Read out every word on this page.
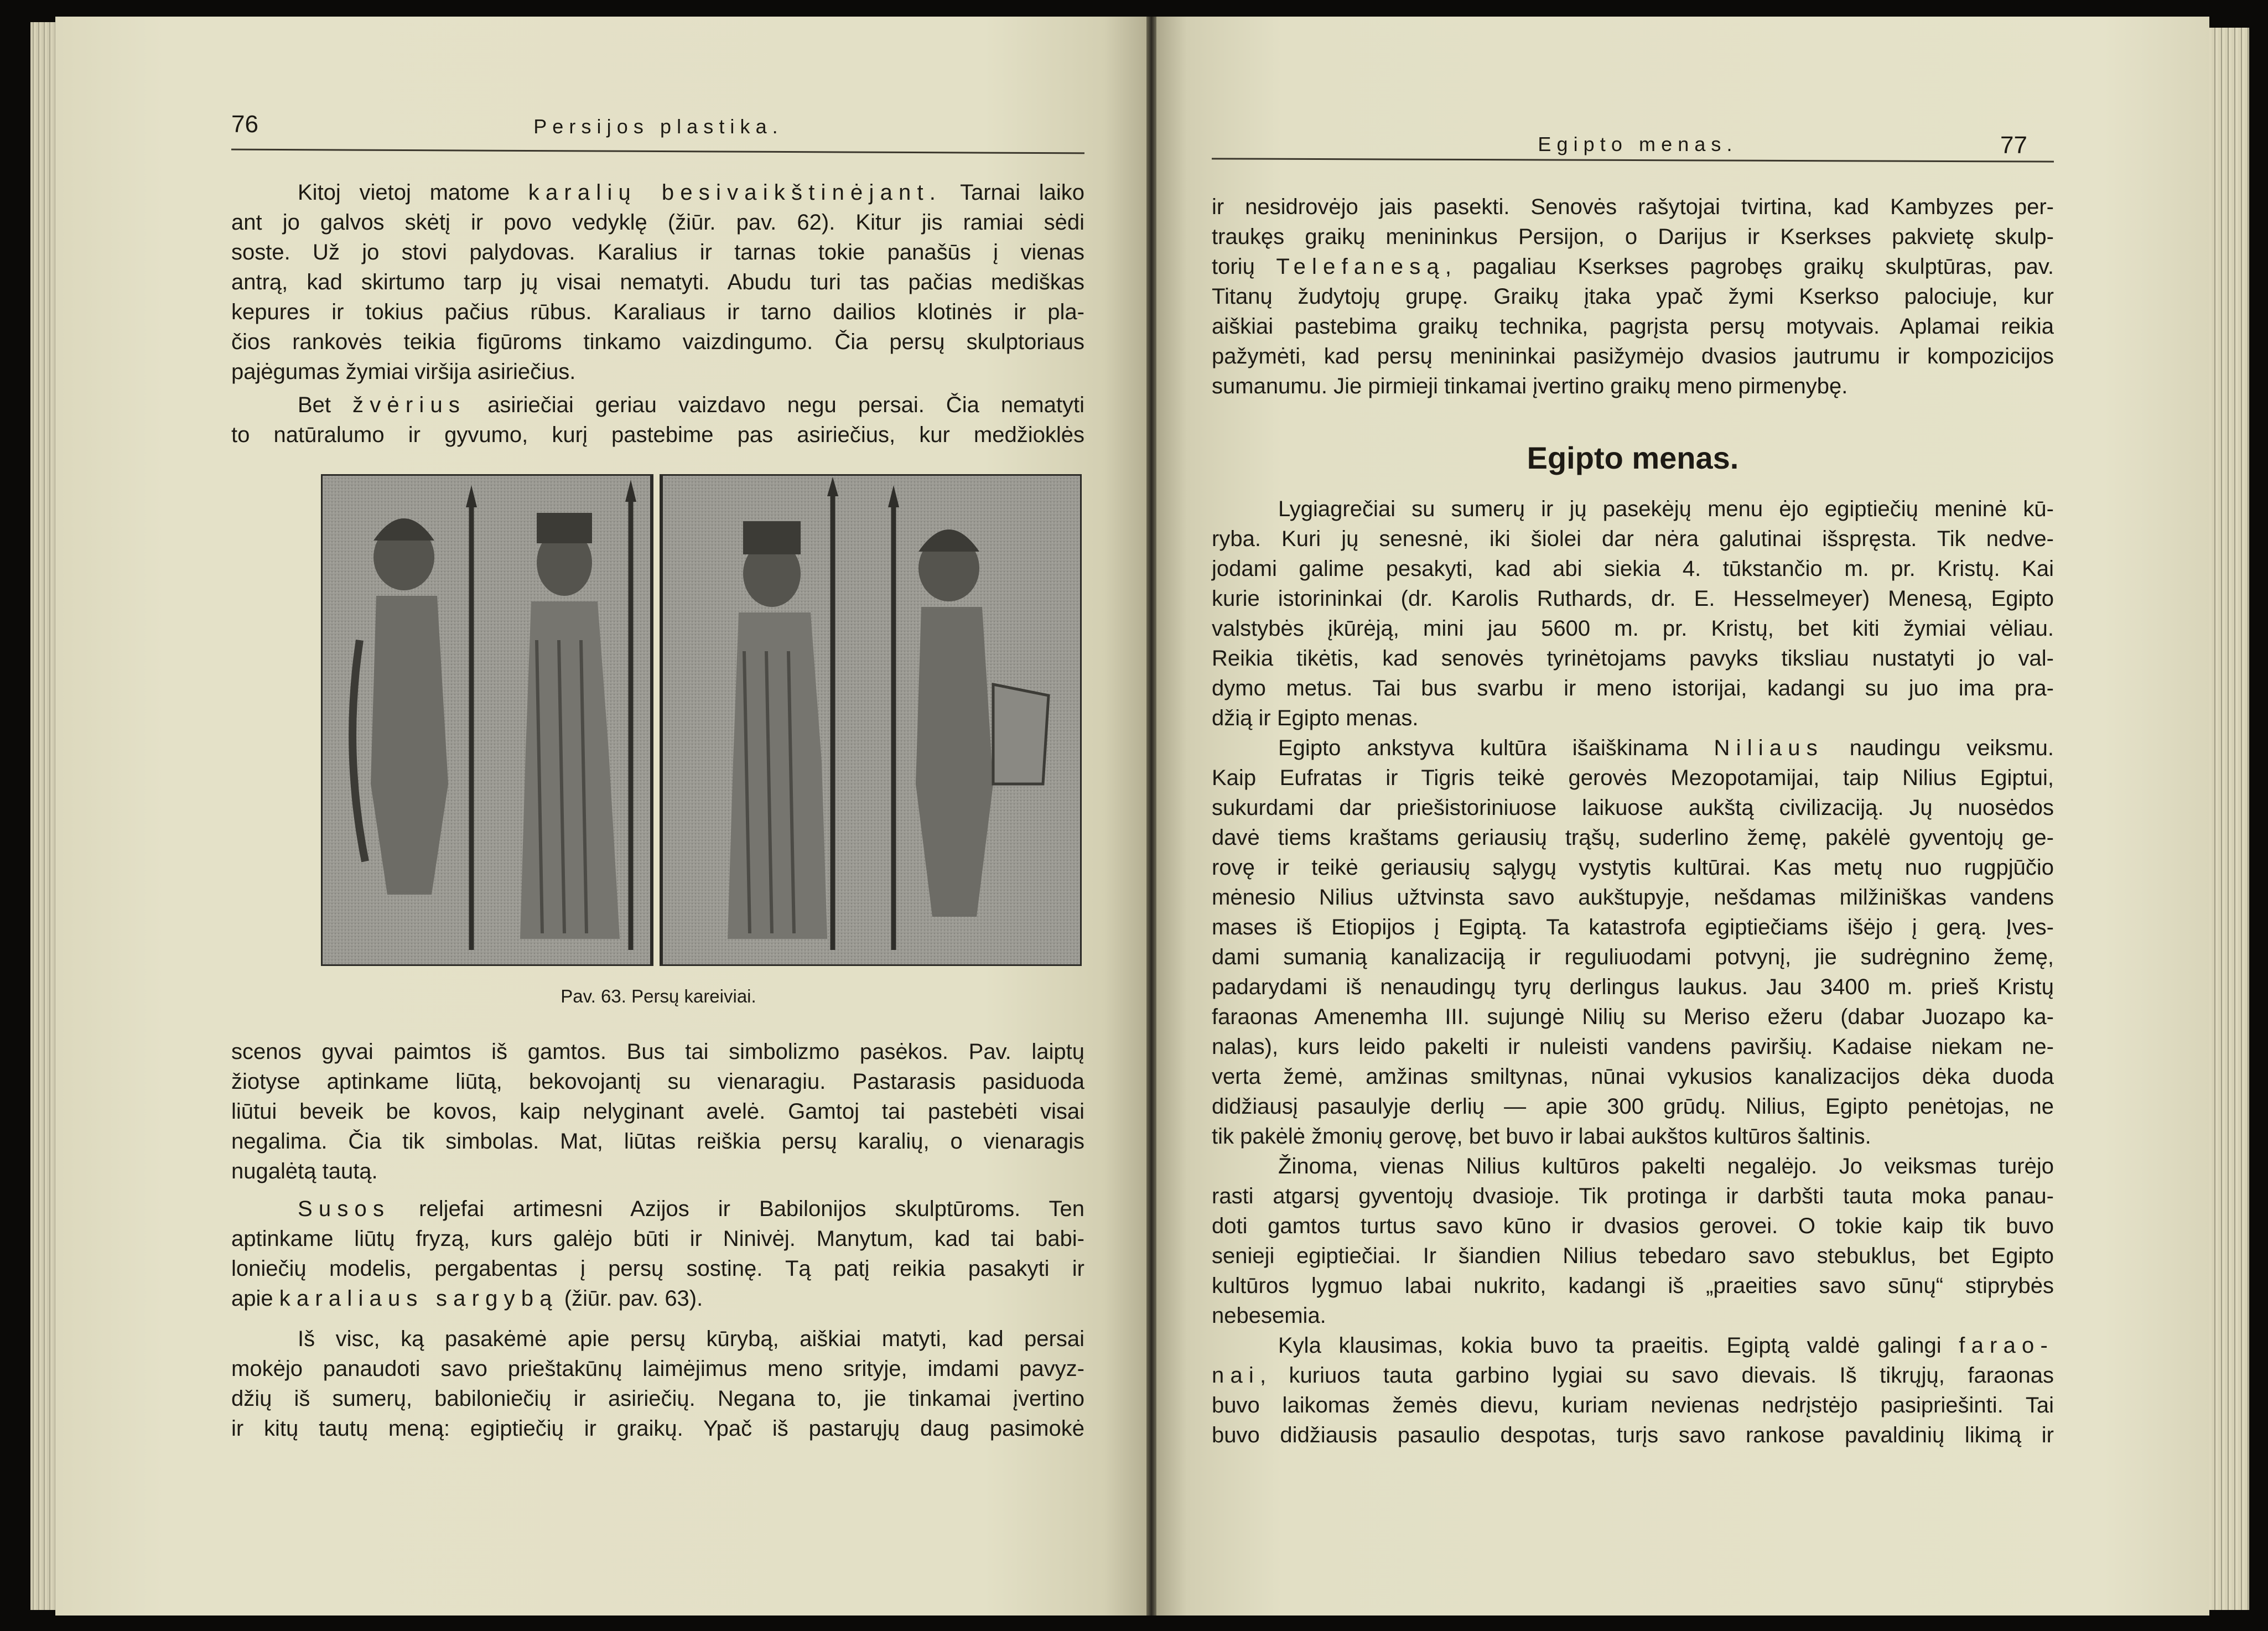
76	Persijos plastika.
Kitoj vietoj matome karalių besivaikštinėjant. Tarnai laiko
ant jo galvos skėtį ir povo vedyklę (žiūr. pav. 62). Kitur jis ramiai sėdi
soste. Už jo stovi palydovas. Karalius ir tarnas tokie panašūs į vienas
antrą, kad skirtumo tarp jų visai nematyti. Abudu turi tas pačias mediškas
kepures ir tokius pačius rūbus. Karaliaus ir tarno dailios klotinės ir pla-
čios rankovės teikia figūroms tinkamo vaizdingumo. Čia persų skulptoriaus
pajėgumas žymiai viršija asiriečius.
Bet žvėrius asiriečiai geriau vaizdavo negu persai. Čia nematyti
to natūralumo ir gyvumo, kurį pastebime pas asiriečius, kur medžioklės
Pav. 63. Persų kareiviai.
scenos gyvai paimtos iš gamtos. Bus tai simbolizmo pasėkos. Pav. laiptų
žiotyse aptinkame liūtą, bekovojantį su vienaragiu. Pastarasis pasiduoda
liūtui beveik be kovos, kaip nelyginant avelė. Gamtoj tai pastebėti visai
negalima. Čia tik simbolas. Mat, liūtas reiškia persų karalių, o vienaragis
nugalėtą tautą.
Susos reljefai artimesni Azijos ir Babilonijos skulptūroms. Ten
aptinkame liūtų fryzą, kurs galėjo būti ir Ninivėj. Manytum, kad tai babi-
loniečių modelis, pergabentas į persų sostinę. Tą patį reikia pasakyti ir
apie karaliaus sargybą (žiūr. pav. 63).
Iš visc, ką pasakėmė apie persų kūrybą, aiškiai matyti, kad persai
mokėjo panaudoti savo prieštakūnų laimėjimus meno srityje, imdami pavyz-
džių iš sumerų, babiloniečių ir asiriečių. Negana to, jie tinkamai įvertino
ir kitų tautų meną: egiptiečių ir graikų. Ypač iš pastarųjų daug pasimokė
Egipto menas.	77
ir nesidrovėjo jais pasekti. Senovės rašytojai tvirtina, kad Kambyzes per-
traukęs graikų menininkus Persijon, o Darijus ir Kserkses pakvietę skulp-
torių Telefanesą, pagaliau Kserkses pagrobęs graikų skulptūras, pav.
Titanų žudytojų grupę. Graikų įtaka ypač žymi Kserkso palociuje, kur
aiškiai pastebima graikų technika, pagrįsta persų motyvais. Aplamai reikia
pažymėti, kad persų menininkai pasižymėjo dvasios jautrumu ir kompozicijos
sumanumu. Jie pirmieji tinkamai įvertino graikų meno pirmenybę.
Egipto menas.
Lygiagrečiai su sumerų ir jų pasekėjų menu ėjo egiptiečių meninė kū-
ryba. Kuri jų senesnė, iki šiolei dar nėra galutinai išspręsta. Tik nedve-
jodami galime pesakyti, kad abi siekia 4. tūkstančio m. pr. Kristų. Kai
kurie istorininkai (dr. Karolis Ruthards, dr. E. Hesselmeyer) Menesą, Egipto
valstybės įkūrėją, mini jau 5600 m. pr. Kristų, bet kiti žymiai vėliau.
Reikia tikėtis, kad senovės tyrinėtojams pavyks tiksliau nustatyti jo val-
dymo metus. Tai bus svarbu ir meno istorijai, kadangi su juo ima pra-
džią ir Egipto menas.
Egipto ankstyva kultūra išaiškinama Niliaus naudingu veiksmu.
Kaip Eufratas ir Tigris teikė gerovės Mezopotamijai, taip Nilius Egiptui,
sukurdami dar priešistoriniuose laikuose aukštą civilizaciją. Jų nuosėdos
davė tiems kraštams geriausių trąšų, suderlino žemę, pakėlė gyventojų ge-
rovę ir teikė geriausių sąlygų vystytis kultūrai. Kas metų nuo rugpjūčio
mėnesio Nilius užtvinsta savo aukštupyje, nešdamas milžiniškas vandens
mases iš Etiopijos į Egiptą. Ta katastrofa egiptiečiams išėjo į gerą. Įves-
dami sumanią kanalizaciją ir reguliuodami potvynį, jie sudrėgnino žemę,
padarydami iš nenaudingų tyrų derlingus laukus. Jau 3400 m. prieš Kristų
faraonas Amenemha III. sujungė Nilių su Meriso ežeru (dabar Juozapo ka-
nalas), kurs leido pakelti ir nuleisti vandens paviršių. Kadaise niekam ne-
verta žemė, amžinas smiltynas, nūnai vykusios kanalizacijos dėka duoda
didžiausį pasaulyje derlių — apie 300 grūdų. Nilius, Egipto penėtojas, ne
tik pakėlė žmonių gerovę, bet buvo ir labai aukštos kultūros šaltinis.
Žinoma, vienas Nilius kultūros pakelti negalėjo. Jo veiksmas turėjo
rasti atgarsį gyventojų dvasioje. Tik protinga ir darbšti tauta moka panau-
doti gamtos turtus savo kūno ir dvasios gerovei. O tokie kaip tik buvo
senieji egiptiečiai. Ir šiandien Nilius tebedaro savo stebuklus, bet Egipto
kultūros lygmuo labai nukrito, kadangi iš „praeities savo sūnų“ stiprybės
nebesemia.
Kyla klausimas, kokia buvo ta praeitis. Egiptą valdė galingi farao-
nai, kuriuos tauta garbino lygiai su savo dievais. Iš tikrųjų, faraonas
buvo laikomas žemės dievu, kuriam nevienas nedrįstėjo pasipriešinti. Tai
buvo didžiausis pasaulio despotas, turįs savo rankose pavaldinių likimą ir
